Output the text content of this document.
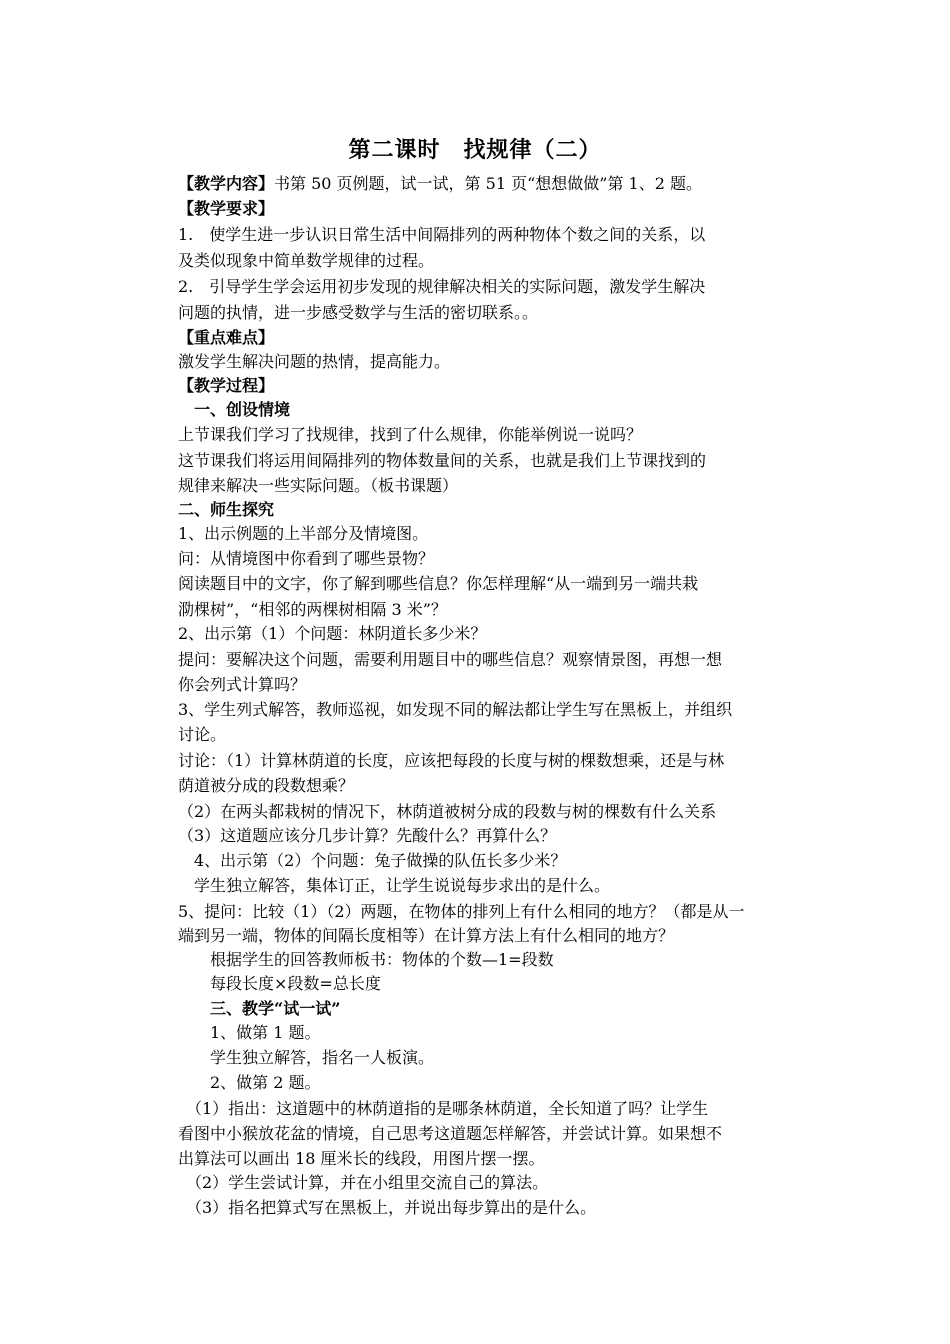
第二课时　找规律（二）
【教学内容】书第 50 页例题，试一试，第 51 页“想想做做”第 1、2 题。
【教学要求】
1.　使学生进一步认识日常生活中间隔排列的两种物体个数之间的关系，以
及类似现象中简单数学规律的过程。
2.　引导学生学会运用初步发现的规律解决相关的实际问题，激发学生解决
问题的执情，进一步感受数学与生活的密切联系。。
【重点难点】
激发学生解决问题的热情，提高能力。
【教学过程】
　一、创设情境
上节课我们学习了找规律，找到了什么规律，你能举例说一说吗？
这节课我们将运用间隔排列的物体数量间的关系，也就是我们上节课找到的
规律来解决一些实际问题。（板书课题）
二、师生探究
1、出示例题的上半部分及情境图。
问：从情境图中你看到了哪些景物？
阅读题目中的文字，你了解到哪些信息？你怎样理解“从一端到另一端共栽
泐棵树”，“相邻的两棵树相隔 3 米”？
2、出示第（1）个问题：林阴道长多少米？
提问：要解决这个问题，需要利用题目中的哪些信息？观察情景图，再想一想
你会列式计算吗？
3、学生列式解答，教师巡视，如发现不同的解法都让学生写在黑板上，并组织
讨论。
讨论：（1）计算林荫道的长度，应该把每段的长度与树的棵数想乘，还是与林
荫道被分成的段数想乘？
（2）在两头都栽树的情况下，林荫道被树分成的段数与树的棵数有什么关系
（3）这道题应该分几步计算？先酸什么？再算什么？
　4、出示第（2）个问题：兔子做操的队伍长多少米？
　学生独立解答，集体订正，让学生说说每步求出的是什么。
5、提问：比较（1）（2）两题，在物体的排列上有什么相同的地方？（都是从一
端到另一端，物体的间隔长度相等）在计算方法上有什么相同的地方？
　　根据学生的回答教师板书：物体的个数—1=段数
　　每段长度×段数=总长度
　　三、教学“试一试”
　　1、做第 1 题。
　　学生独立解答，指名一人板演。
　　2、做第 2 题。
　（1）指出：这道题中的林荫道指的是哪条林荫道，全长知道了吗？让学生
看图中小猴放花盆的情境，自己思考这道题怎样解答，并尝试计算。如果想不
出算法可以画出 18 厘米长的线段，用图片摆一摆。
　（2）学生尝试计算，并在小组里交流自己的算法。
　（3）指名把算式写在黑板上，并说出每步算出的是什么。
